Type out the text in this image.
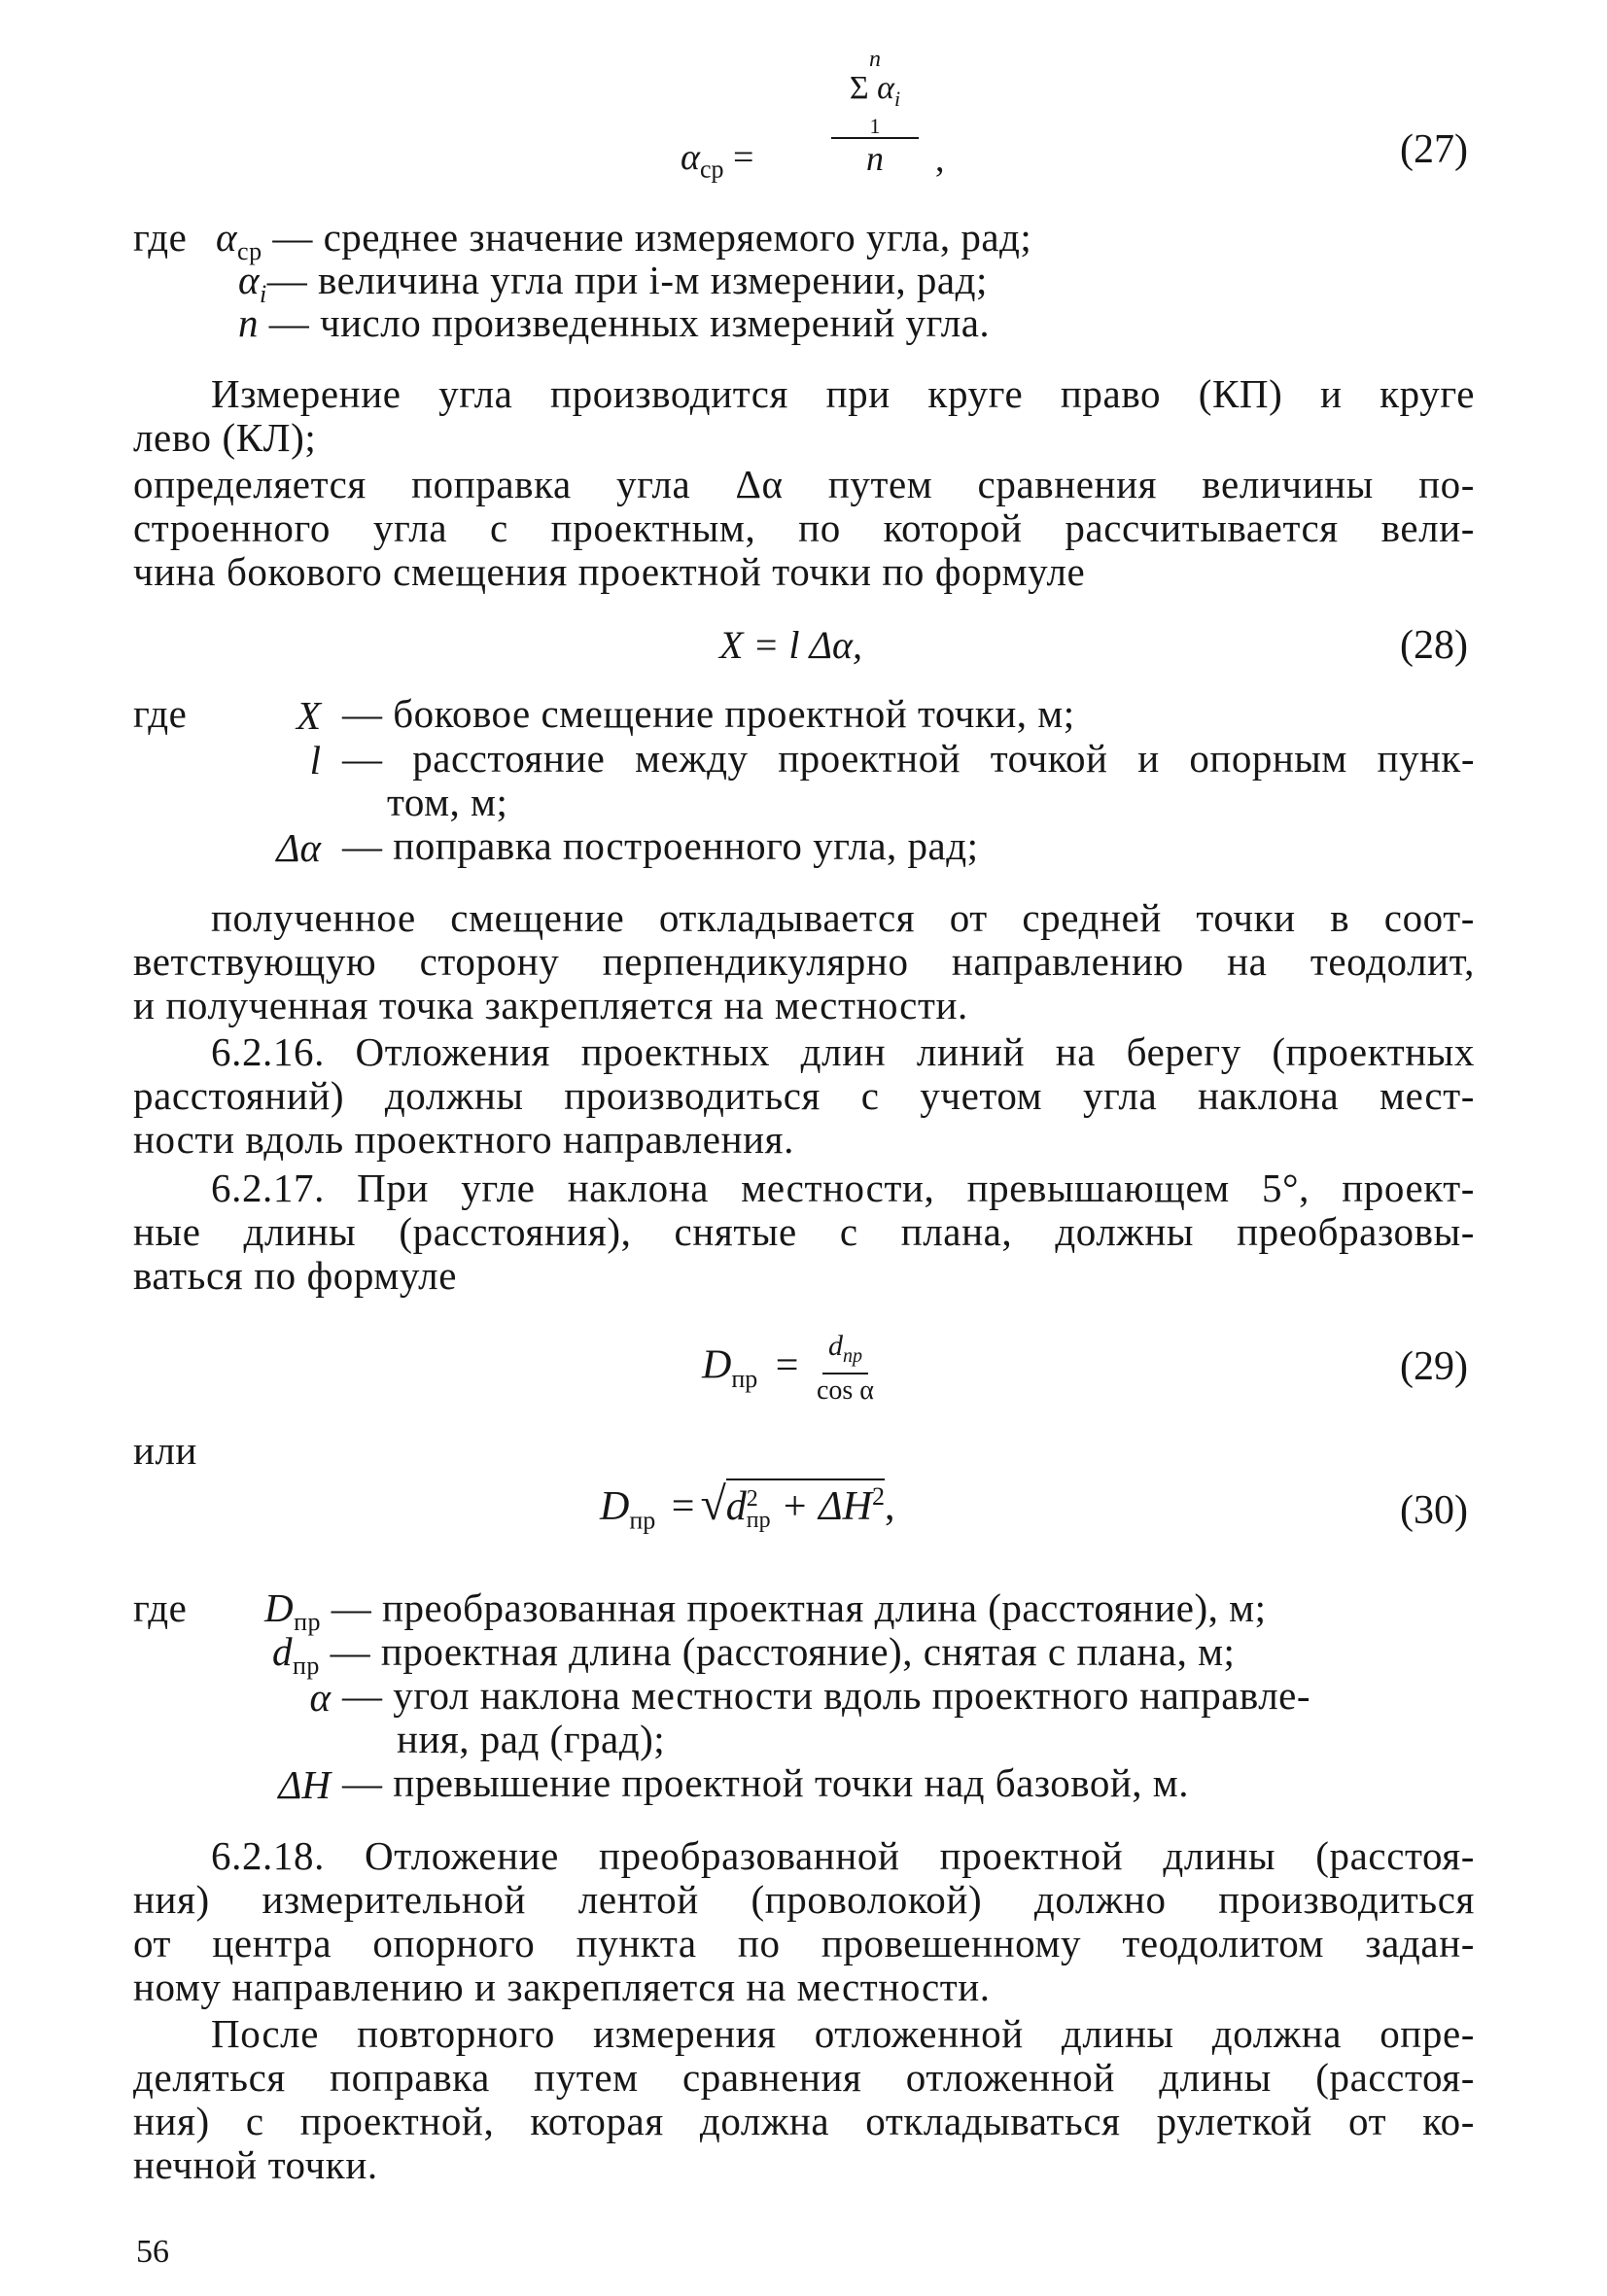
$\alpha_{ср}$ =
n
Σ $\alpha_i$
1
n	,	(27)
где $\alpha_{ср}$ — среднее значение измеряемого угла, рад;
$\alpha_i—$ величина угла при i-м измерении, рад;
n — число произведенных измерений угла.
Измерение угла производится при круге право (КП) и круге
лево (КЛ);
определяется поправка угла Δα путем сравнения величины по-
строенного угла с проектным, по которой рассчитывается вели-
чина бокового смещения проектной точки по формуле
X = l Δα,	(28)
где	X — боковое смещение проектной точки, м;
l — расстояние между проектной точкой и опорным пунк-
том, м;
Δα — поправка построенного угла, рад;
полученное смещение откладывается от средней точки в соот-
ветствующую сторону перпендикулярно направлению на теодолит,
и полученная точка закрепляется на местности.
6.2.16. Отложения проектных длин линий на берегу (проектных
расстояний) должны производиться с учетом угла наклона мест-
ности вдоль проектного направления.
6.2.17. При угле наклона местности, превышающем 5°, проект-
ные длины (расстояния), снятые с плана, должны преобразовы-
ваться по формуле
$D_{пр} = \frac{d_{пр}}{\text{cos α}}$	(29)
или
$D_{пр} = √d$ 2
пр + $\Delta H^2$,	(30)
где $D_{пр}$ — преобразованная проектная длина (расстояние), м;
$d_{пр}$ — проектная длина (расстояние), снятая с плана, м;
α — угол наклона местности вдоль проектного направле-
ния, рад (град);
ΔH — превышение проектной точки над базовой, м.
6.2.18. Отложение преобразованной проектной длины (расстоя-
ния) измерительной лентой (проволокой) должно производиться
от центра опорного пункта по провешенному теодолитом задан-
ному направлению и закрепляется на местности.
После повторного измерения отложенной длины должна опре-
деляться поправка путем сравнения отложенной длины (расстоя-
ния) с проектной, которая должна откладываться рулеткой от ко-
нечной точки.
56
